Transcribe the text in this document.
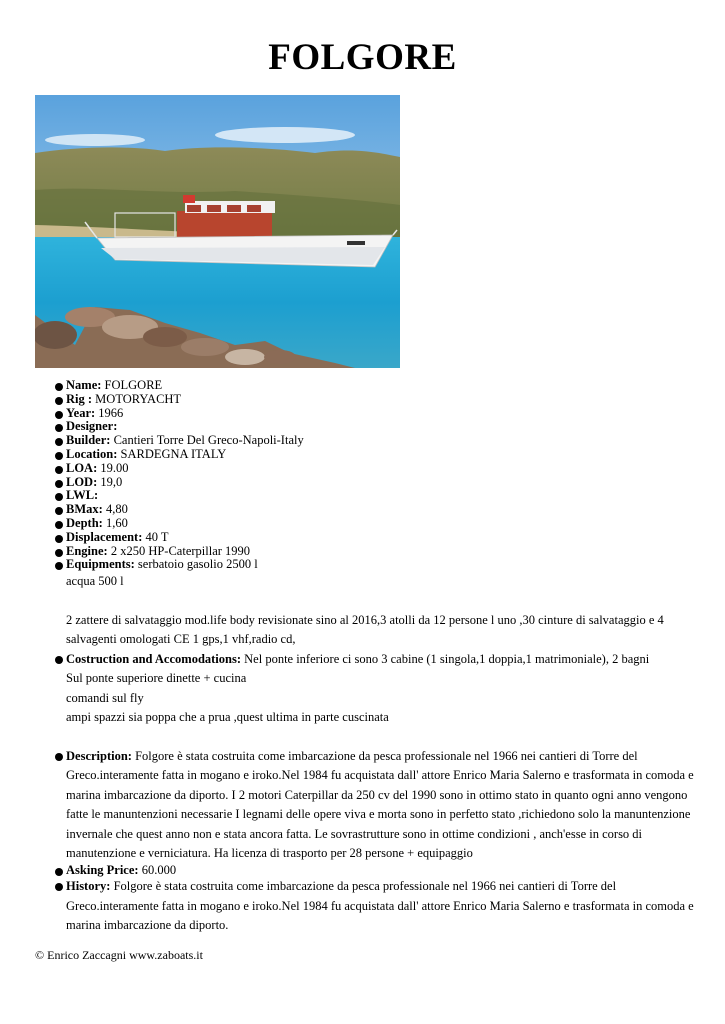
FOLGORE
Name: FOLGORE
Rig : MOTORYACHT
Year: 1966
Designer:
Builder: Cantieri Torre Del Greco-Napoli-Italy
Location: SARDEGNA ITALY
LOA: 19.00
LOD: 19,0
LWL:
BMax: 4,80
Depth: 1,60
Displacement: 40 T
Engine: 2 x250 HP-Caterpillar 1990
Equipments: serbatoio gasolio 2500 l
acqua 500 l
2 zattere di salvataggio mod.life body revisionate sino al 2016,3 atolli da 12 persone l uno ,30 cinture di salvataggio e 4 salvagenti omologati CE 1 gps,1 vhf,radio cd,
Costruction and Accomodations: Nel ponte inferiore ci sono 3 cabine (1 singola,1 doppia,1 matrimoniale), 2 bagni
Sul ponte superiore dinette + cucina
comandi sul fly
ampi spazzi sia poppa che a prua ,quest ultima in parte cuscinata
Description: Folgore è stata costruita come imbarcazione da pesca professionale nel 1966 nei cantieri di Torre del Greco.interamente fatta in mogano e iroko.Nel 1984 fu acquistata dall' attore Enrico Maria Salerno e trasformata in comoda e marina imbarcazione da diporto. I 2 motori Caterpillar da 250 cv del 1990 sono in ottimo stato in quanto ogni anno vengono fatte le manuntenzioni necessarie I legnami delle opere viva e morta sono in perfetto stato ,richiedono solo la manuntenzione invernale che quest anno non e stata ancora fatta. Le sovrastrutture sono in ottime condizioni , anch'esse in corso di manutenzione e verniciatura. Ha licenza di trasporto per 28 persone + equipaggio
Asking Price: 60.000
History: Folgore è stata costruita come imbarcazione da pesca professionale nel 1966 nei cantieri di Torre del Greco.interamente fatta in mogano e iroko.Nel 1984 fu acquistata dall' attore Enrico Maria Salerno e trasformata in comoda e marina imbarcazione da diporto.
© Enrico Zaccagni www.zaboats.it
